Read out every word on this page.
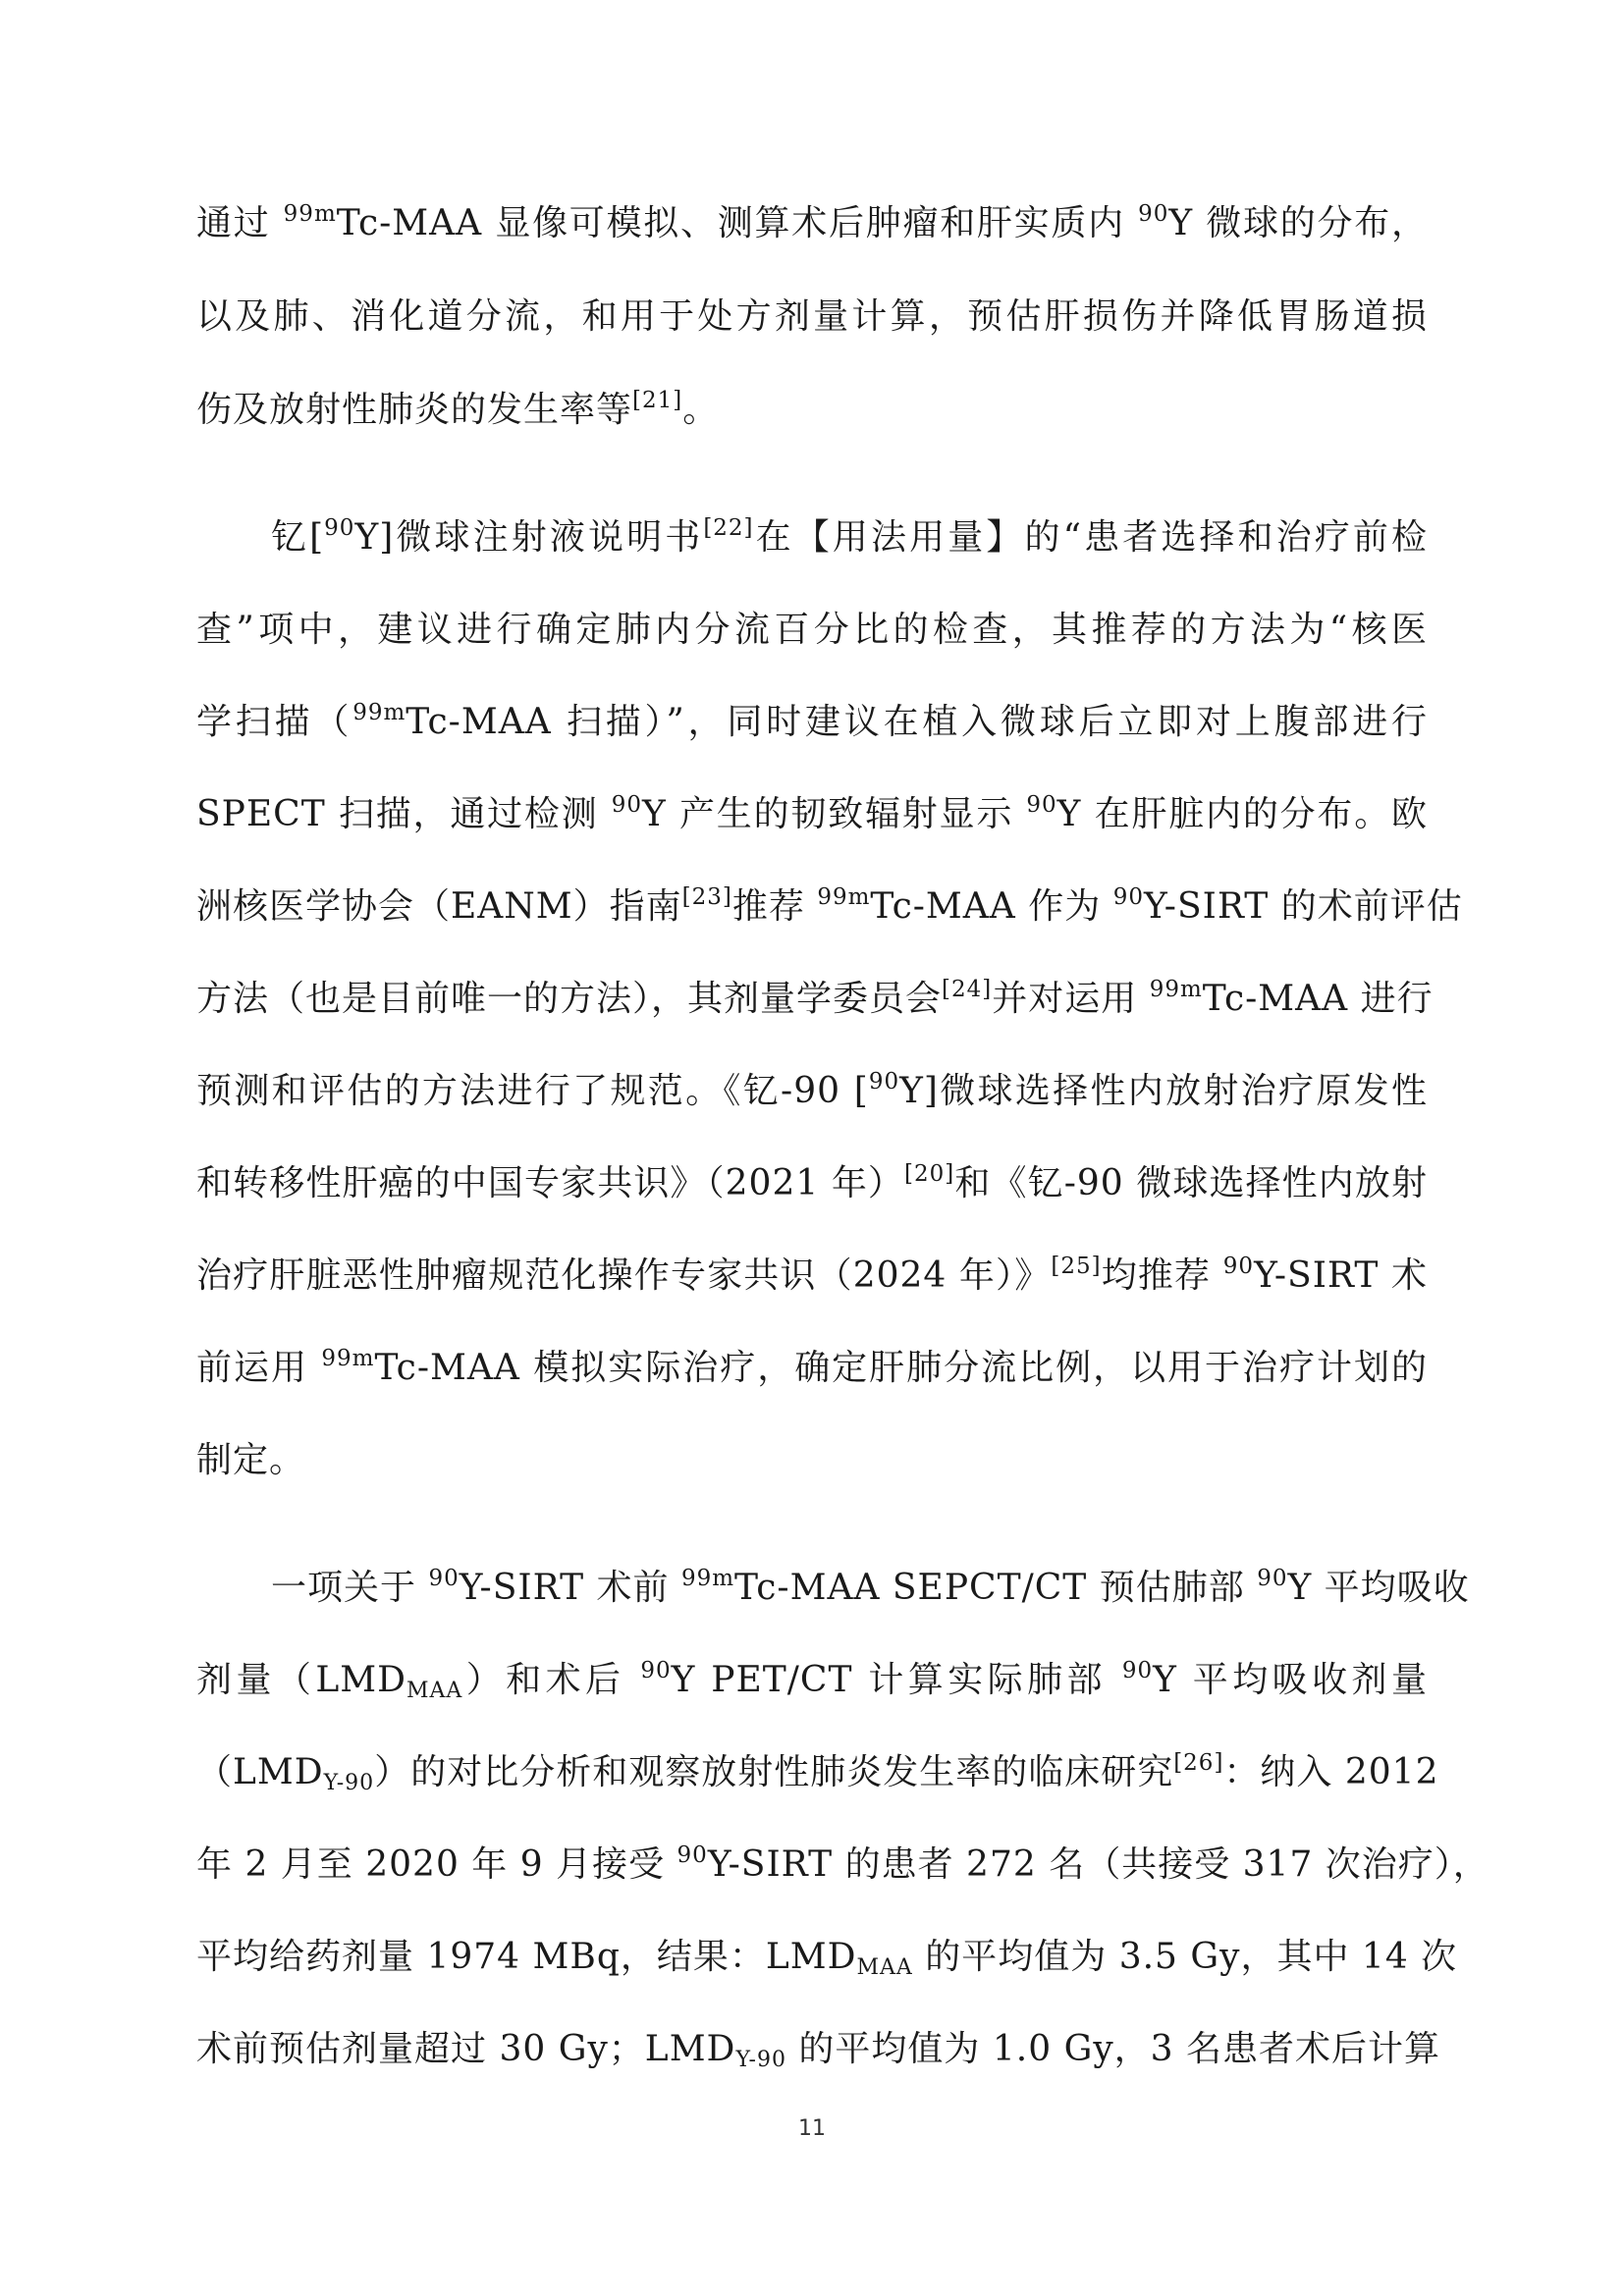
通过 $^{99m}$Tc-MAA 显像可模拟、测算术后肿瘤和肝实质内 $^{90}$Y 微球的分布，
以及肺、消化道分流，和用于处方剂量计算，预估肝损伤并降低胃肠道损
伤及放射性肺炎的发生率等[21]。
钇[$^{90}$Y]微球注射液说明书[22]在【用法用量】的“患者选择和治疗前检
查”项中，建议进行确定肺内分流百分比的检查，其推荐的方法为“核医
学扫描（$^{99m}$Tc-MAA 扫描）”，同时建议在植入微球后立即对上腹部进行
SPECT 扫描，通过检测 $^{90}$Y 产生的韧致辐射显示 $^{90}$Y 在肝脏内的分布。欧
洲核医学协会（EANM）指南[23]推荐 $^{99m}$Tc-MAA 作为 $^{90}$Y-SIRT 的术前评估
方法（也是目前唯一的方法），其剂量学委员会[24]并对运用 $^{99m}$Tc-MAA 进行
预测和评估的方法进行了规范。《钇-90 [$^{90}$Y]微球选择性内放射治疗原发性
和转移性肝癌的中国专家共识》（2021 年）[20]和《钇-90 微球选择性内放射
治疗肝脏恶性肿瘤规范化操作专家共识（2024 年）》[25]均推荐 $^{90}$Y-SIRT 术
前运用 $^{99m}$Tc-MAA 模拟实际治疗，确定肝肺分流比例，以用于治疗计划的
制定。
一项关于 $^{90}$Y-SIRT 术前 $^{99m}$Tc-MAA SEPCT/CT 预估肺部 $^{90}$Y 平均吸收
剂量$(LMD_{MAA})$和术后 $^{90}$Y PET/CT 计算实际肺部 $^{90}$Y 平均吸收剂量
$(LMD_{Y-90})$的对比分析和观察放射性肺炎发生率的临床研究[26]：纳入 2012
年 2 月至 2020 年 9 月接受 $^{90}$Y-SIRT 的患者 272 名（共接受 317 次治疗），
平均给药剂量 1974 MBq，结果：$LMD_{MAA}$ 的平均值为 3.5 Gy，其中 14 次
术前预估剂量超过 30 Gy；$LMD_{Y-90}$ 的平均值为 1.0 Gy，3 名患者术后计算
11
